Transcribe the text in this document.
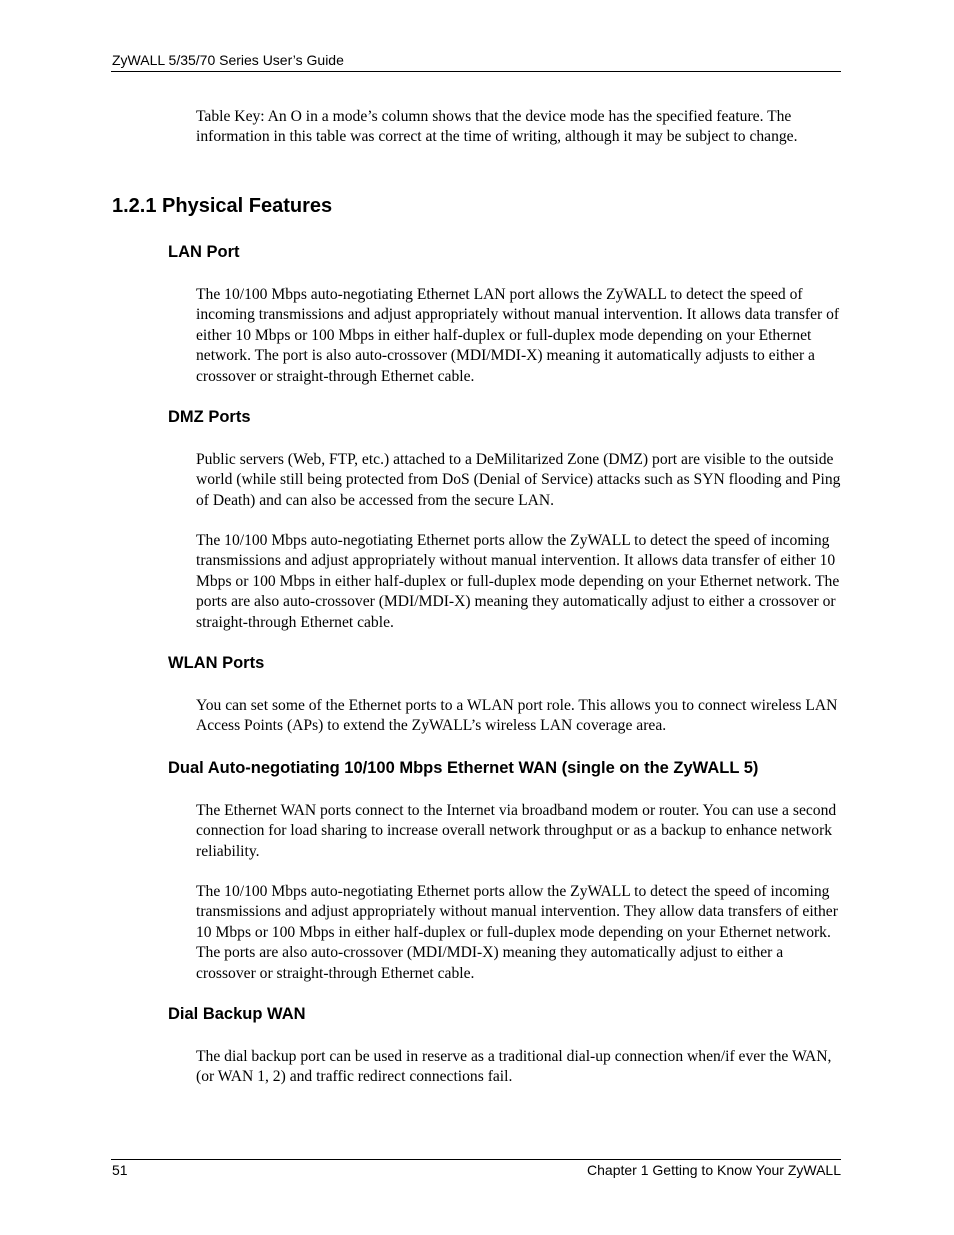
ZyWALL 5/35/70 Series User’s Guide

Table Key: An O in a mode’s column shows that the device mode has the specified feature. The information in this table was correct at the time of writing, although it may be subject to change.

1.2.1 Physical Features
LAN Port

The 10/100 Mbps auto-negotiating Ethernet LAN port allows the ZyWALL to detect the speed of incoming transmissions and adjust appropriately without manual intervention. It allows data transfer of either 10 Mbps or 100 Mbps in either half-duplex or full-duplex mode depending on your Ethernet network. The port is also auto-crossover (MDI/MDI-X) meaning it automatically adjusts to either a crossover or straight-through Ethernet cable.

DMZ Ports

Public servers (Web, FTP, etc.) attached to a DeMilitarized Zone (DMZ) port are visible to the outside world (while still being protected from DoS (Denial of Service) attacks such as SYN flooding and Ping of Death) and can also be accessed from the secure LAN.

The 10/100 Mbps auto-negotiating Ethernet ports allow the ZyWALL to detect the speed of incoming transmissions and adjust appropriately without manual intervention. It allows data transfer of either 10 Mbps or 100 Mbps in either half-duplex or full-duplex mode depending on your Ethernet network. The ports are also auto-crossover (MDI/MDI-X) meaning they automatically adjust to either a crossover or straight-through Ethernet cable.

WLAN Ports

You can set some of the Ethernet ports to a WLAN port role. This allows you to connect wireless LAN Access Points (APs) to extend the ZyWALL’s wireless LAN coverage area.

Dual Auto-negotiating 10/100 Mbps Ethernet WAN (single on the ZyWALL 5)

The Ethernet WAN ports connect to the Internet via broadband modem or router. You can use a second connection for load sharing to increase overall network throughput or as a backup to enhance network reliability.

The 10/100 Mbps auto-negotiating Ethernet ports allow the ZyWALL to detect the speed of incoming transmissions and adjust appropriately without manual intervention. They allow data transfers of either 10 Mbps or 100 Mbps in either half-duplex or full-duplex mode depending on your Ethernet network. The ports are also auto-crossover (MDI/MDI-X) meaning they automatically adjust to either a crossover or straight-through Ethernet cable.

Dial Backup WAN

The dial backup port can be used in reserve as a traditional dial-up connection when/if ever the WAN, (or WAN 1, 2) and traffic redirect connections fail.

51	Chapter 1 Getting to Know Your ZyWALL
